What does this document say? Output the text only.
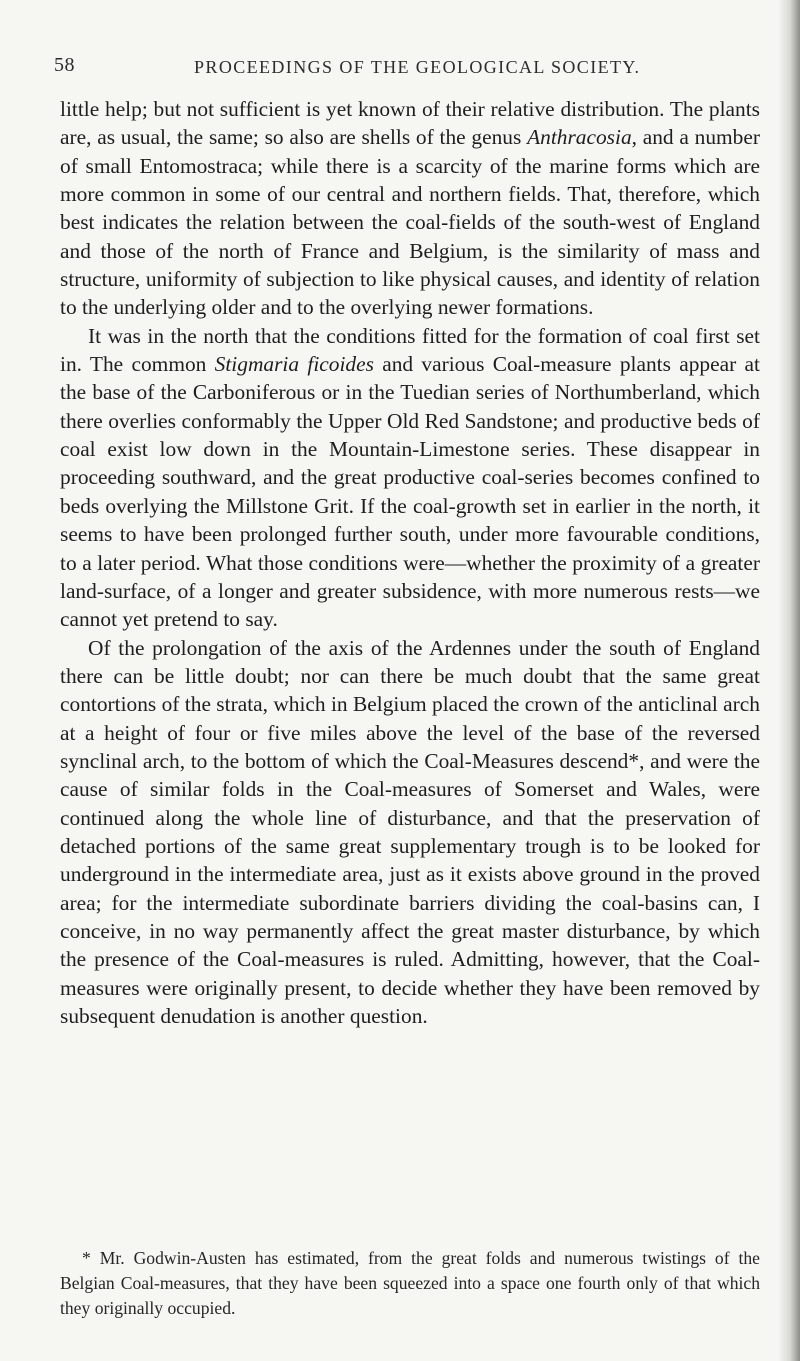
58	PROCEEDINGS OF THE GEOLOGICAL SOCIETY.

little help; but not sufficient is yet known of their relative distribution. The plants are, as usual, the same; so also are shells of the genus Anthracosia, and a number of small Entomostraca; while there is a scarcity of the marine forms which are more common in some of our central and northern fields. That, therefore, which best indicates the relation between the coal-fields of the south-west of England and those of the north of France and Belgium, is the similarity of mass and structure, uniformity of subjection to like physical causes, and identity of relation to the underlying older and to the overlying newer formations.

It was in the north that the conditions fitted for the formation of coal first set in. The common Stigmaria ficoides and various Coal-measure plants appear at the base of the Carboniferous or in the Tuedian series of Northumberland, which there overlies conformably the Upper Old Red Sandstone; and productive beds of coal exist low down in the Mountain-Limestone series. These disappear in proceeding southward, and the great productive coal-series becomes confined to beds overlying the Millstone Grit. If the coal-growth set in earlier in the north, it seems to have been prolonged further south, under more favourable conditions, to a later period. What those conditions were—whether the proximity of a greater land-surface, of a longer and greater subsidence, with more numerous rests—we cannot yet pretend to say.

Of the prolongation of the axis of the Ardennes under the south of England there can be little doubt; nor can there be much doubt that the same great contortions of the strata, which in Belgium placed the crown of the anticlinal arch at a height of four or five miles above the level of the base of the reversed synclinal arch, to the bottom of which the Coal-Measures descend*, and were the cause of similar folds in the Coal-measures of Somerset and Wales, were continued along the whole line of disturbance, and that the preservation of detached portions of the same great supplementary trough is to be looked for underground in the intermediate area, just as it exists above ground in the proved area; for the intermediate subordinate barriers dividing the coal-basins can, I conceive, in no way permanently affect the great master disturbance, by which the presence of the Coal-measures is ruled. Admitting, however, that the Coal-measures were originally present, to decide whether they have been removed by subsequent denudation is another question.

* Mr. Godwin-Austen has estimated, from the great folds and numerous twistings of the Belgian Coal-measures, that they have been squeezed into a space one fourth only of that which they originally occupied.
